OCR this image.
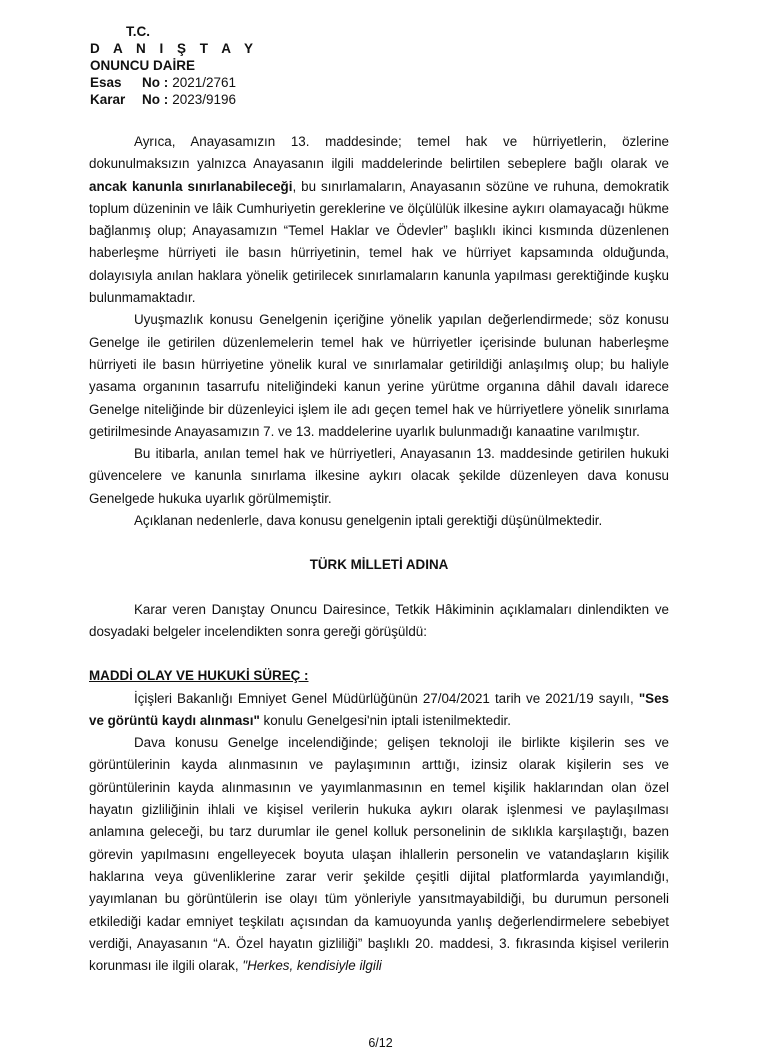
T.C.
D A N I Ş T A Y
ONUNCU DAİRE
Esas	No : 2021/2761
Karar	No : 2023/9196

Ayrıca, Anayasamızın 13. maddesinde; temel hak ve hürriyetlerin, özlerine dokunulmaksızın yalnızca Anayasanın ilgili maddelerinde belirtilen sebeplere bağlı olarak ve ancak kanunla sınırlanabileceği, bu sınırlamaların, Anayasanın sözüne ve ruhuna, demokratik toplum düzeninin ve lâik Cumhuriyetin gereklerine ve ölçülülük ilkesine aykırı olamayacağı hükme bağlanmış olup; Anayasamızın “Temel Haklar ve Ödevler” başlıklı ikinci kısmında düzenlenen haberleşme hürriyeti ile basın hürriyetinin, temel hak ve hürriyet kapsamında olduğunda, dolayısıyla anılan haklara yönelik getirilecek sınırlamaların kanunla yapılması gerektiğinde kuşku bulunmamaktadır.

Uyuşmazlık konusu Genelgenin içeriğine yönelik yapılan değerlendirmede; söz konusu Genelge ile getirilen düzenlemelerin temel hak ve hürriyetler içerisinde bulunan haberleşme hürriyeti ile basın hürriyetine yönelik kural ve sınırlamalar getirildiği anlaşılmış olup; bu haliyle yasama organının tasarrufu niteliğindeki kanun yerine yürütme organına dâhil davalı idarece Genelge niteliğinde bir düzenleyici işlem ile adı geçen temel hak ve hürriyetlere yönelik sınırlama getirilmesinde Anayasamızın 7. ve 13. maddelerine uyarlık bulunmadığı kanaatine varılmıştır.

Bu itibarla, anılan temel hak ve hürriyetleri, Anayasanın 13. maddesinde getirilen hukuki güvencelere ve kanunla sınırlama ilkesine aykırı olacak şekilde düzenleyen dava konusu Genelgede hukuka uyarlık görülmemiştir.

Açıklanan nedenlerle, dava konusu genelgenin iptali gerektiği düşünülmektedir.

TÜRK MİLLETİ ADINA

Karar veren Danıştay Onuncu Dairesince, Tetkik Hâkiminin açıklamaları dinlendikten ve dosyadaki belgeler incelendikten sonra gereği görüşüldü:

MADDİ OLAY VE HUKUKİ SÜREÇ :

İçişleri Bakanlığı Emniyet Genel Müdürlüğünün 27/04/2021 tarih ve 2021/19 sayılı, "Ses ve görüntü kaydı alınması" konulu Genelgesi'nin iptali istenilmektedir.

Dava konusu Genelge incelendiğinde; gelişen teknoloji ile birlikte kişilerin ses ve görüntülerinin kayda alınmasının ve paylaşımının arttığı, izinsiz olarak kişilerin ses ve görüntülerinin kayda alınmasının ve yayımlanmasının en temel kişilik haklarından olan özel hayatın gizliliğinin ihlali ve kişisel verilerin hukuka aykırı olarak işlenmesi ve paylaşılması anlamına geleceği, bu tarz durumlar ile genel kolluk personelinin de sıklıkla karşılaştığı, bazen görevin yapılmasını engelleyecek boyuta ulaşan ihlallerin personelin ve vatandaşların kişilik haklarına veya güvenliklerine zarar verir şekilde çeşitli dijital platformlarda yayımlandığı, yayımlanan bu görüntülerin ise olayı tüm yönleriyle yansıtmayabildiği, bu durumun personeli etkilediği kadar emniyet teşkilatı açısından da kamuoyunda yanlış değerlendirmelere sebebiyet verdiği, Anayasanın “A. Özel hayatın gizliliği” başlıklı 20. maddesi, 3. fıkrasında kişisel verilerin korunması ile ilgili olarak, "Herkes, kendisiyle ilgili

6/12
